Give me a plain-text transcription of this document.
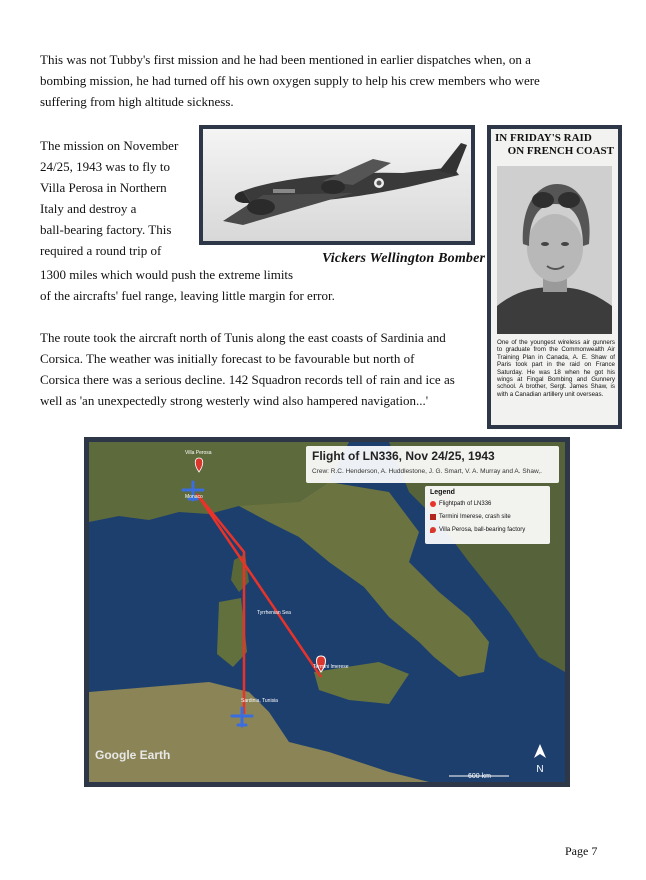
This was not Tubby's first mission and he had been mentioned in earlier dispatches when, on a
bombing mission, he had turned off his own oxygen supply to help his crew members who were
suffering from high altitude sickness.
The mission on November
24/25, 1943 was to fly to
Villa Perosa in Northern
Italy and destroy a
ball-bearing factory. This
required a round trip of
1300 miles which would push the extreme limits
of the aircrafts' fuel range, leaving little margin for error.
Vickers Wellington Bomber
IN FRIDAY'S RAID
ON FRENCH COAST
One of the youngest wireless air gunners to graduate from the Commonwealth Air Training Plan in Canada, A. E. Shaw of Paris took part in the raid on France Saturday. He was 18 when he got his wings at Fingal Bombing and Gunnery school. A brother, Sergt. James Shaw, is with a Canadian artillery unit overseas.
The route took the aircraft north of Tunis along the east coasts of Sardinia and
Corsica. The weather was initially forecast to be favourable but north of
Corsica there was a serious decline. 142 Squadron records tell of rain and ice as
well as 'an unexpectedly strong westerly wind also hampered navigation...'
Villa Perosa
Monaco
Tyrrhenian Sea
Termini Imerese
Sardinia, Tunisia
Flight of LN336, Nov 24/25, 1943
Crew: R.C. Henderson, A. Huddlestone, J. G. Smart, V. A. Murray and A. Shaw,.
Legend
Flightpath of LN336
Termini Imerese, crash site
Villa Perosa, ball-bearing factory
Google Earth
600 km
N
Page 7
